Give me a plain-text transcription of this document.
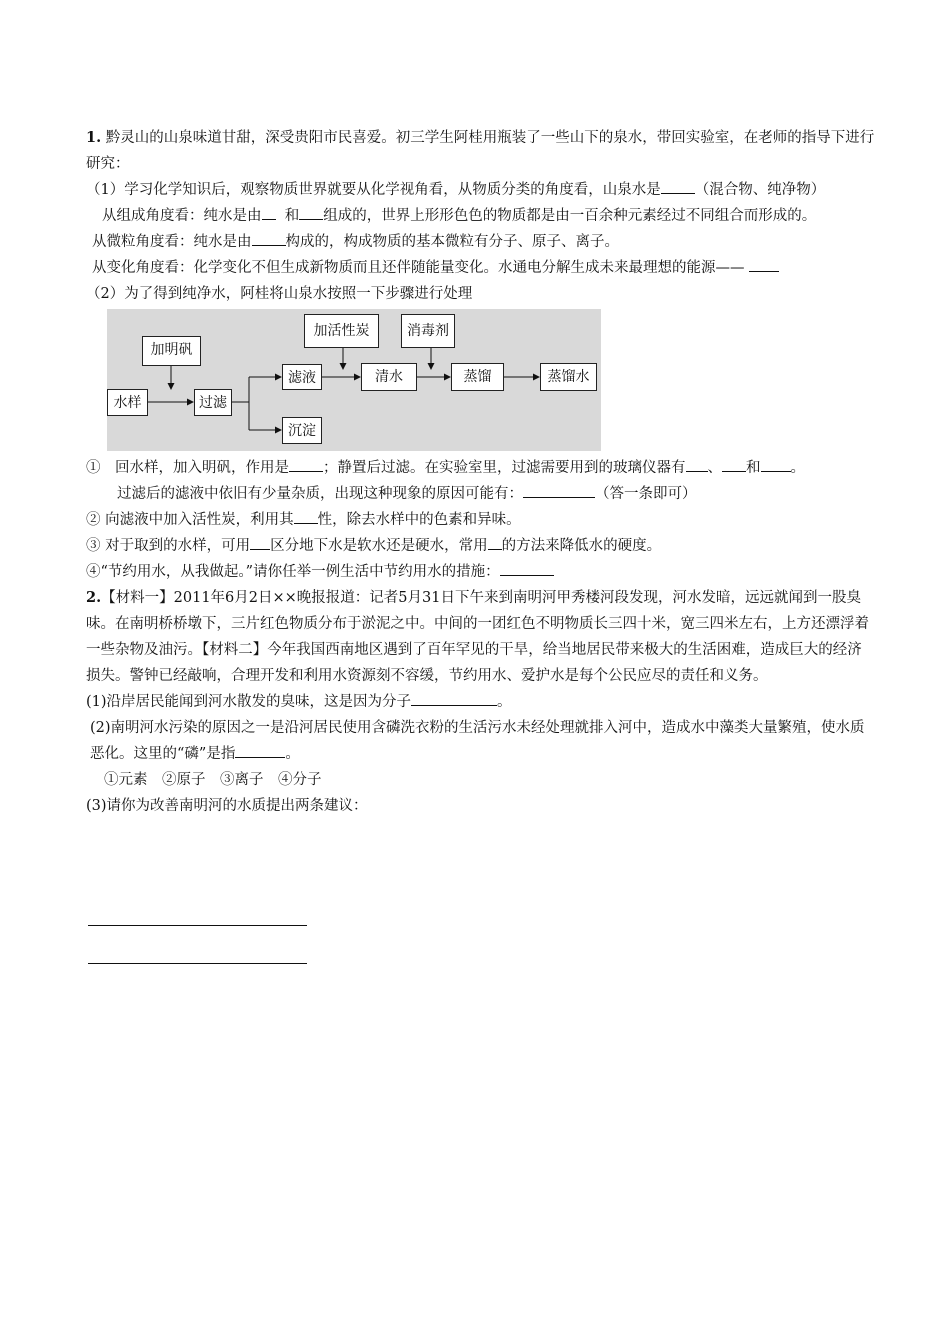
1. 黔灵山的山泉味道甘甜，深受贵阳市民喜爱。初三学生阿桂用瓶装了一些山下的泉水，带回实验室，在老师的指导下进行研究：
（1）学习化学知识后，观察物质世界就要从化学视角看，从物质分类的角度看，山泉水是 （混合物、纯净物）
从组成角度看：纯水是由 和 组成的，世界上形形色色的物质都是由一百余种元素经过不同组合而形成的。
从微粒角度看：纯水是由 构成的，构成物质的基本微粒有分子、原子、离子。
从变化角度看：化学变化不但生成新物质而且还伴随能量变化。水通电分解生成未来最理想的能源——
（2）为了得到纯净水，阿桂将山泉水按照一下步骤进行处理
加明矾
水样	过滤
滤液
沉淀
加活性炭
清水
消毒剂
蒸馏	蒸馏水
①　回水样，加入明矾，作用是 ；静置后过滤。在实验室里，过滤需要用到的玻璃仪器有 、 和 。
过滤后的滤液中依旧有少量杂质，出现这种现象的原因可能有：	（答一条即可）
② 向滤液中加入活性炭，利用其 性，除去水样中的色素和异味。
③ 对于取到的水样，可用 区分地下水是软水还是硬水，常用 的方法来降低水的硬度。
④“节约用水，从我做起。”请你任举一例生活中节约用水的措施：
2.【材料一】2011年6月2日××晚报报道：记者5月31日下午来到南明河甲秀楼河段发现，河水发暗，远远就闻到一股臭味。在南明桥桥墩下，三片红色物质分布于淤泥之中。中间的一团红色不明物质长三四十米，宽三四米左右，上方还漂浮着一些杂物及油污。【材料二】今年我国西南地区遇到了百年罕见的干旱，给当地居民带来极大的生活困难，造成巨大的经济损失。警钟已经敲响，合理开发和利用水资源刻不容缓，节约用水、爱护水是每个公民应尽的责任和义务。
(1)沿岸居民能闻到河水散发的臭味，这是因为分子	。
(2)南明河水污染的原因之一是沿河居民使用含磷洗衣粉的生活污水未经处理就排入河中，造成水中藻类大量繁殖，使水质恶化。这里的“磷”是指	。
①元素　②原子　③离子　④分子
(3)请你为改善南明河的水质提出两条建议：
